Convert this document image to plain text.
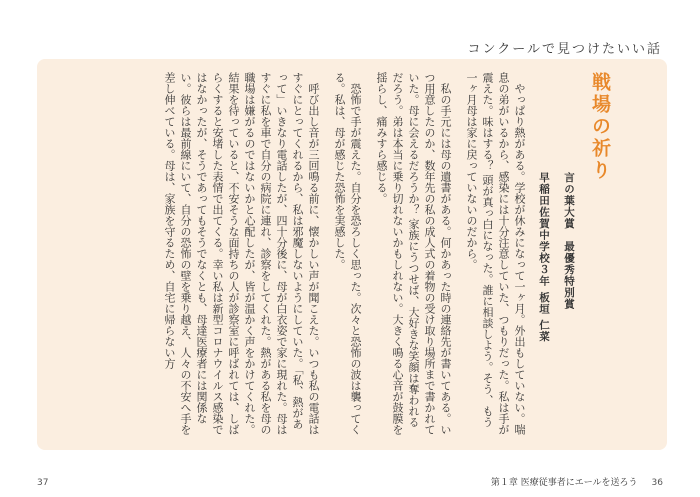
コンクールで見つけたいい話
戦場の祈り
言の葉大賞　最優秀特別賞
早稲田佐賀中学校３年 板垣 仁菜
やっぱり熱がある。学校が休みになって一ヶ月。外出もしていない。喘息の弟がいるから、感染には十分注意していた、つもりだった。私は手が震えた。味はする？ 頭が真っ白になった。誰に相談しよう。そう、もう一ヶ月母は家に戻っていないのだから。
私の手元には母の遺書がある。何かあった時の連絡先が書いてある。いつ用意したのか、数年先の私の成人式の着物の受け取り場所まで書かれていた。母に会えるだろうか？ 家族にうつせば、大好きな笑顔は奪われるだろう。弟は本当に乗り切れないかもしれない。大きく鳴る心音が鼓膜を揺らし、痛みすら感じる。
恐怖で手が震えた。自分を恐ろしく思った。次々と恐怖の波は襲ってくる。私は、母が感じた恐怖を実感した。
呼び出し音が三回鳴る前に、懐かしい声が聞こえた。いつも私の電話はすぐにとってくれるから、私は邪魔しないようにしていた。「私、熱があって」いきなり電話したが、四十分後に、母が白衣姿で家に現れた。母はすぐに私を車で自分の病院に連れ、診察をしてくれた。熱がある私を母の職場は嫌がるのではないかと心配したが、皆が温かく声をかけてくれた。結果を待っていると、不安そうな面持ちの人が診察室に呼ばれては、しばらくすると安堵した表情で出てくる。幸い私は新型コロナウイルス感染ではなかったが、そうであってもそうでなくとも、母達医療者には関係ない。彼らは最前線にいて、自分の恐怖の壁を乗り越え、人々の不安へ手を差し伸べている。母は、家族を守るため、自宅に帰らない方
37	第１章 医療従事者にエールを送ろう 36
